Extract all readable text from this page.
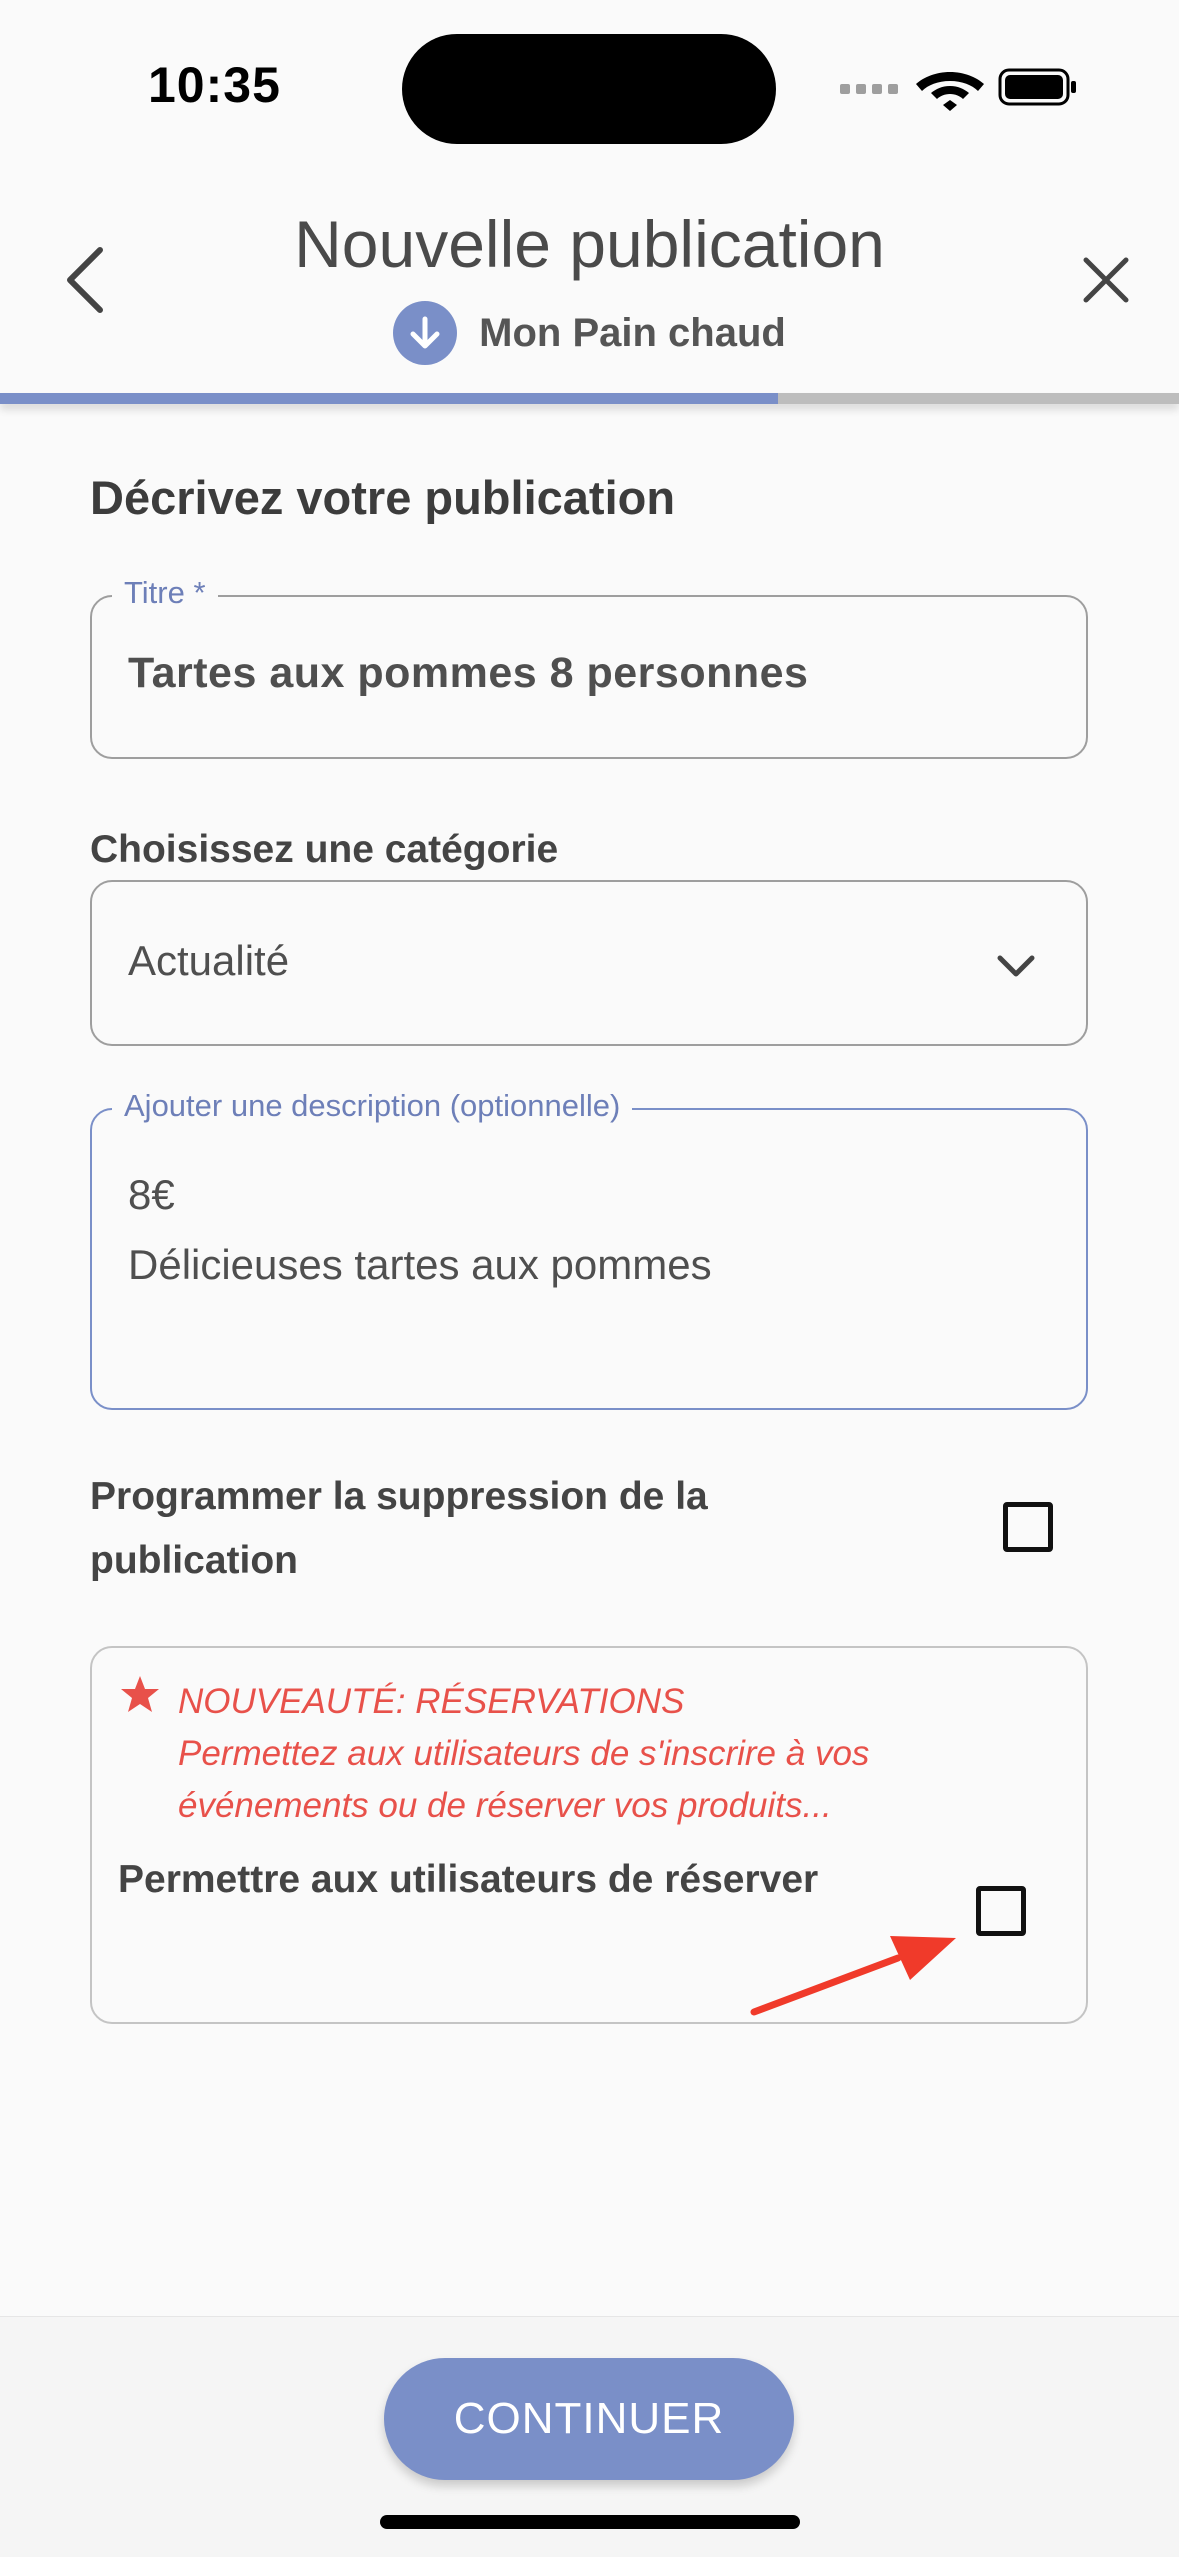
10:35
Nouvelle publication
Mon Pain chaud
Décrivez votre publication
Titre *
Tartes aux pommes 8 personnes
Choisissez une catégorie
Actualité
Ajouter une description (optionnelle)
8€
Délicieuses tartes aux pommes
Programmer la suppression de la publication
NOUVEAUTÉ: RÉSERVATIONS
Permettez aux utilisateurs de s'inscrire à vos
événements ou de réserver vos produits...
Permettre aux utilisateurs de réserver
CONTINUER
